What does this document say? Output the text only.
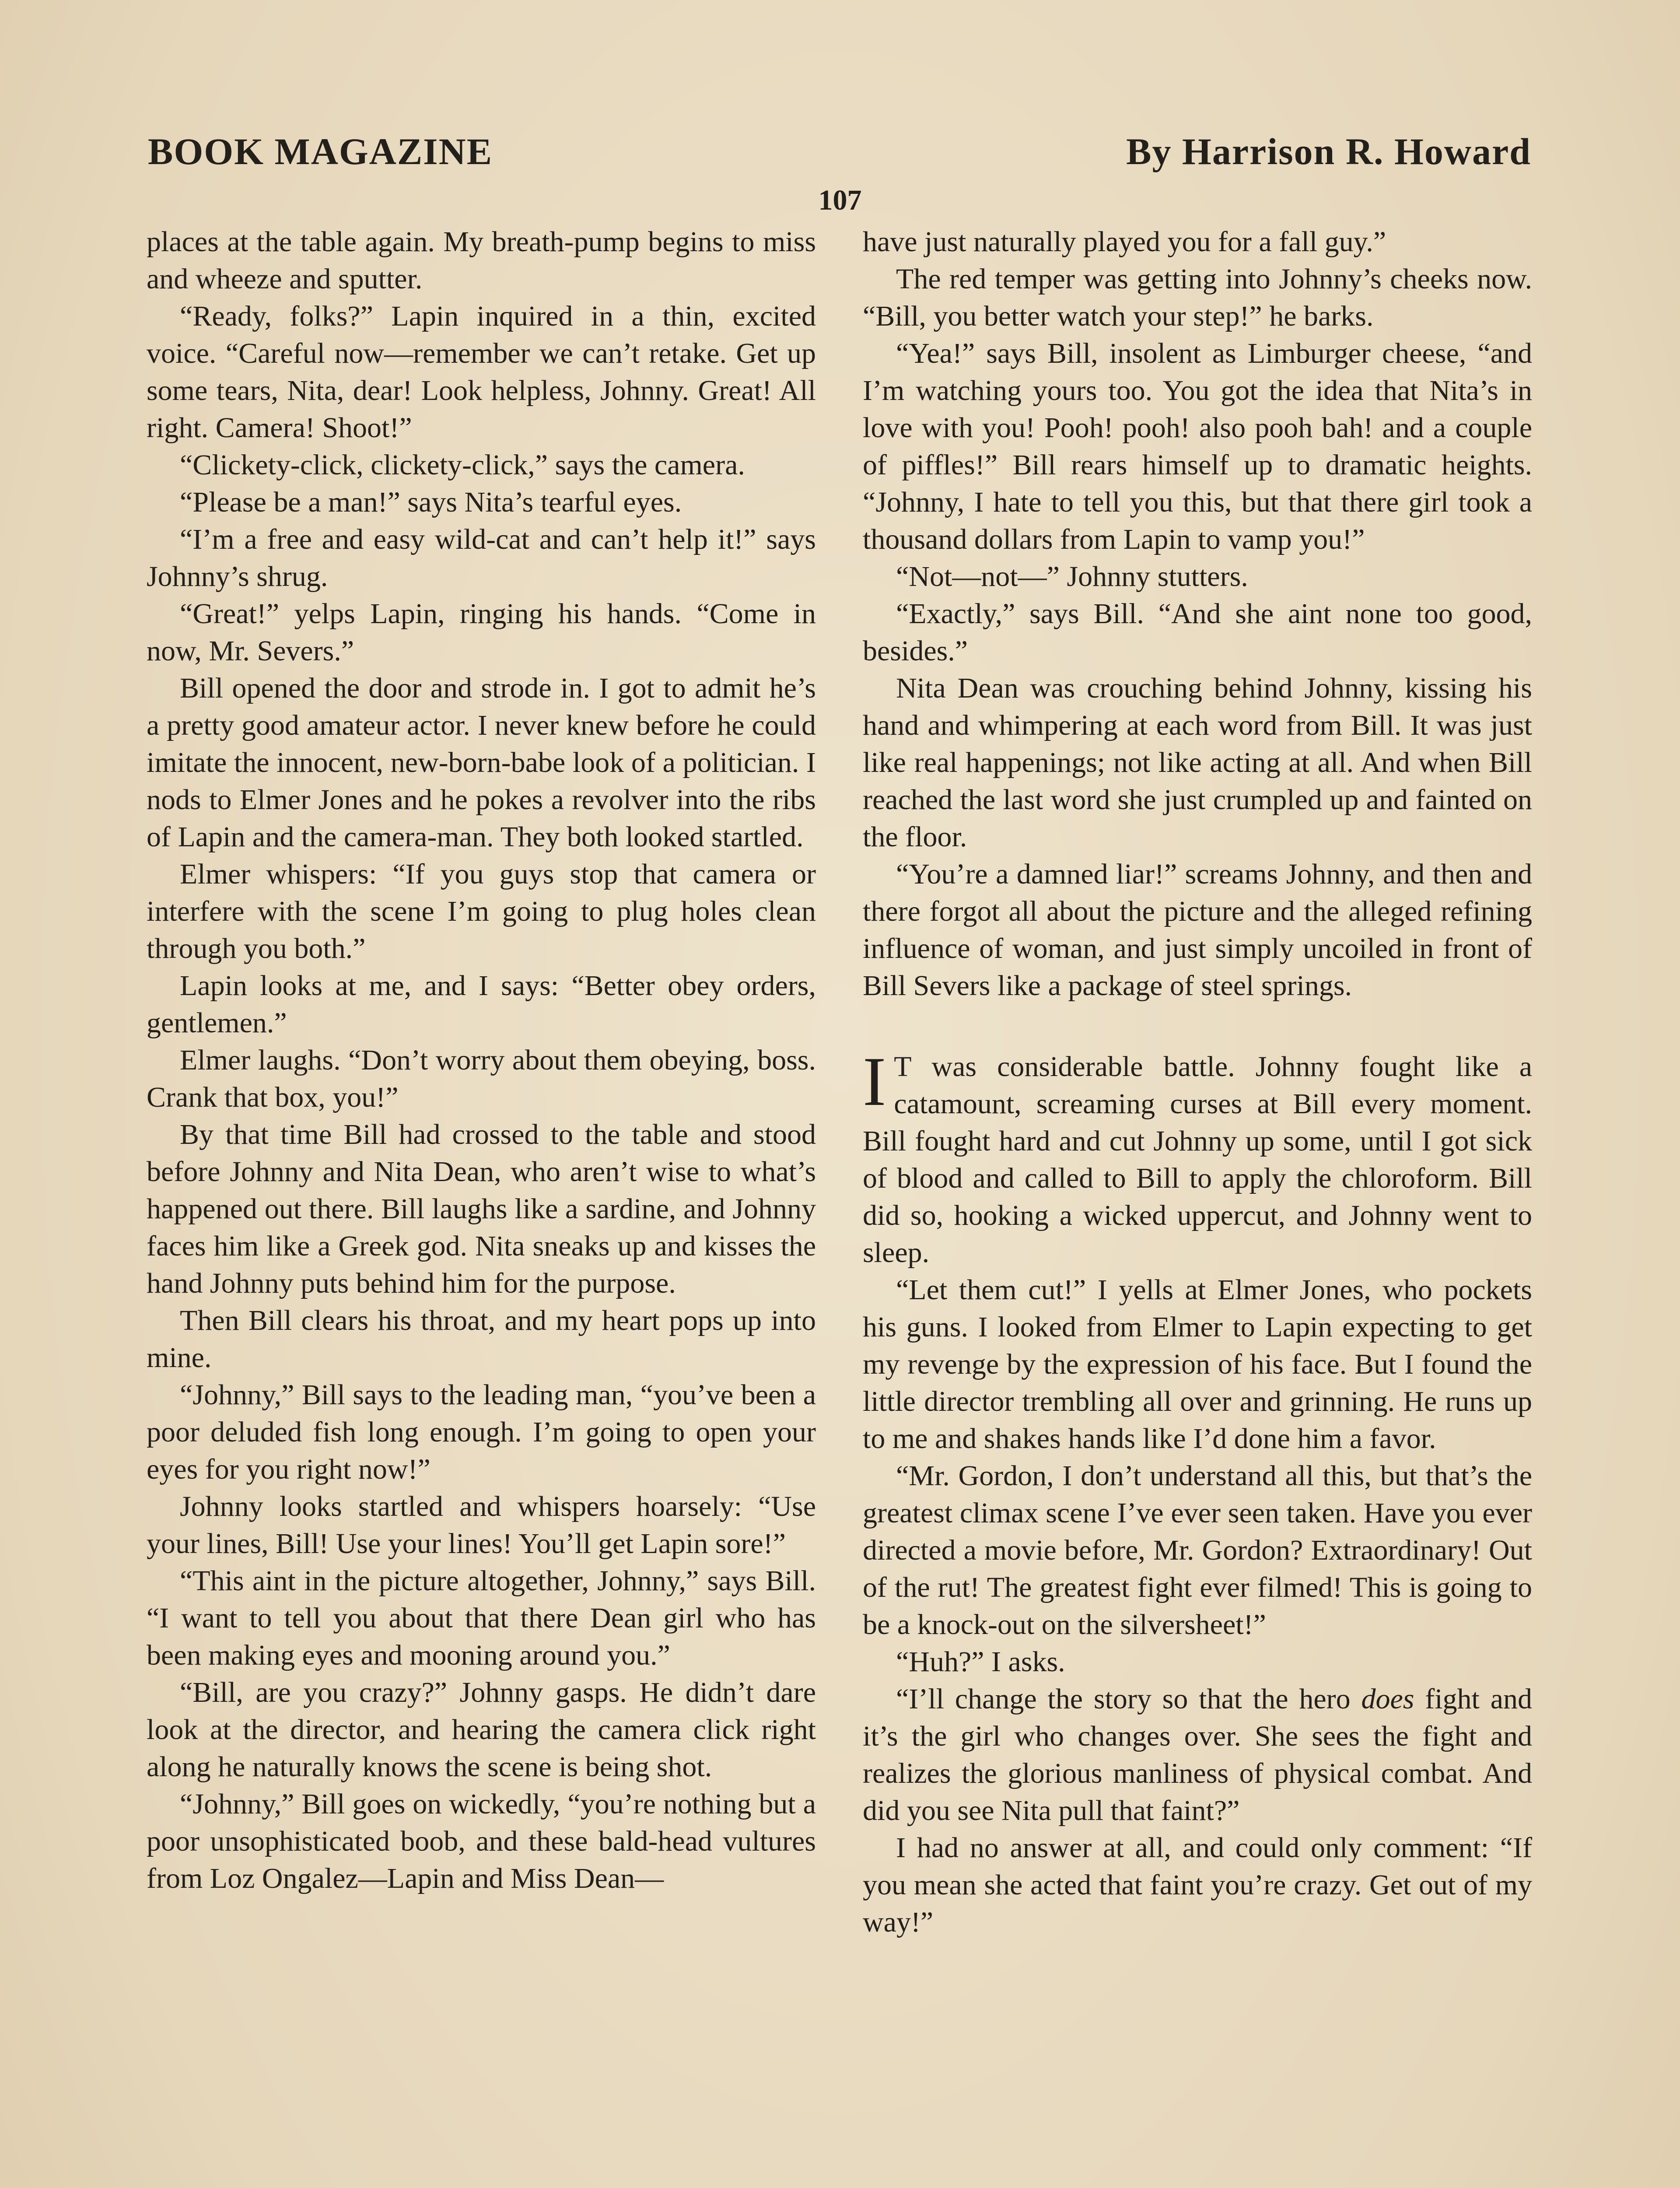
BOOK MAGAZINE	By Harrison R. Howard
107

places at the table again. My breath-pump begins to miss and wheeze and sputter.

“Ready, folks?” Lapin inquired in a thin, excited voice. “Careful now—remember we can’t retake. Get up some tears, Nita, dear! Look helpless, Johnny. Great! All right. Camera! Shoot!”

“Clickety-click, clickety-click,” says the camera.

“Please be a man!” says Nita’s tearful eyes.

“I’m a free and easy wild-cat and can’t help it!” says Johnny’s shrug.

“Great!” yelps Lapin, ringing his hands. “Come in now, Mr. Severs.”

Bill opened the door and strode in. I got to admit he’s a pretty good amateur actor. I never knew before he could imitate the innocent, new-born-babe look of a politician. I nods to Elmer Jones and he pokes a revolver into the ribs of Lapin and the camera-man. They both looked startled.

Elmer whispers: “If you guys stop that camera or interfere with the scene I’m going to plug holes clean through you both.”

Lapin looks at me, and I says: “Better obey orders, gentlemen.”

Elmer laughs. “Don’t worry about them obeying, boss. Crank that box, you!”

By that time Bill had crossed to the table and stood before Johnny and Nita Dean, who aren’t wise to what’s happened out there. Bill laughs like a sardine, and Johnny faces him like a Greek god. Nita sneaks up and kisses the hand Johnny puts behind him for the purpose.

Then Bill clears his throat, and my heart pops up into mine.

“Johnny,” Bill says to the leading man, “you’ve been a poor deluded fish long enough. I’m going to open your eyes for you right now!”

Johnny looks startled and whispers hoarsely: “Use your lines, Bill! Use your lines! You’ll get Lapin sore!”

“This aint in the picture altogether, Johnny,” says Bill. “I want to tell you about that there Dean girl who has been making eyes and mooning around you.”

“Bill, are you crazy?” Johnny gasps. He didn’t dare look at the director, and hearing the camera click right along he naturally knows the scene is being shot.

“Johnny,” Bill goes on wickedly, “you’re nothing but a poor unsophisticated boob, and these bald-head vultures from Loz Ongalez—Lapin and Miss Dean—

have just naturally played you for a fall guy.”

The red temper was getting into Johnny’s cheeks now. “Bill, you better watch your step!” he barks.

“Yea!” says Bill, insolent as Limburger cheese, “and I’m watching yours too. You got the idea that Nita’s in love with you! Pooh! pooh! also pooh bah! and a couple of piffles!” Bill rears himself up to dramatic heights. “Johnny, I hate to tell you this, but that there girl took a thousand dollars from Lapin to vamp you!”

“Not—not—” Johnny stutters.

“Exactly,” says Bill. “And she aint none too good, besides.”

Nita Dean was crouching behind Johnny, kissing his hand and whimpering at each word from Bill. It was just like real happenings; not like acting at all. And when Bill reached the last word she just crumpled up and fainted on the floor.

“You’re a damned liar!” screams Johnny, and then and there forgot all about the picture and the alleged refining influence of woman, and just simply uncoiled in front of Bill Severs like a package of steel springs.

I T was considerable battle. Johnny fought like a catamount, screaming curses at Bill every moment. Bill fought hard and cut Johnny up some, until I got sick of blood and called to Bill to apply the chloroform. Bill did so, hooking a wicked uppercut, and Johnny went to sleep.

“Let them cut!” I yells at Elmer Jones, who pockets his guns. I looked from Elmer to Lapin expecting to get my revenge by the expression of his face. But I found the little director trembling all over and grinning. He runs up to me and shakes hands like I’d done him a favor.

“Mr. Gordon, I don’t understand all this, but that’s the greatest climax scene I’ve ever seen taken. Have you ever directed a movie before, Mr. Gordon? Extraordinary! Out of the rut! The greatest fight ever filmed! This is going to be a knock-out on the silversheet!”

“Huh?” I asks.

“I’ll change the story so that the hero does fight and it’s the girl who changes over. She sees the fight and realizes the glorious manliness of physical combat. And did you see Nita pull that faint?”

I had no answer at all, and could only comment: “If you mean she acted that faint you’re crazy. Get out of my way!”
